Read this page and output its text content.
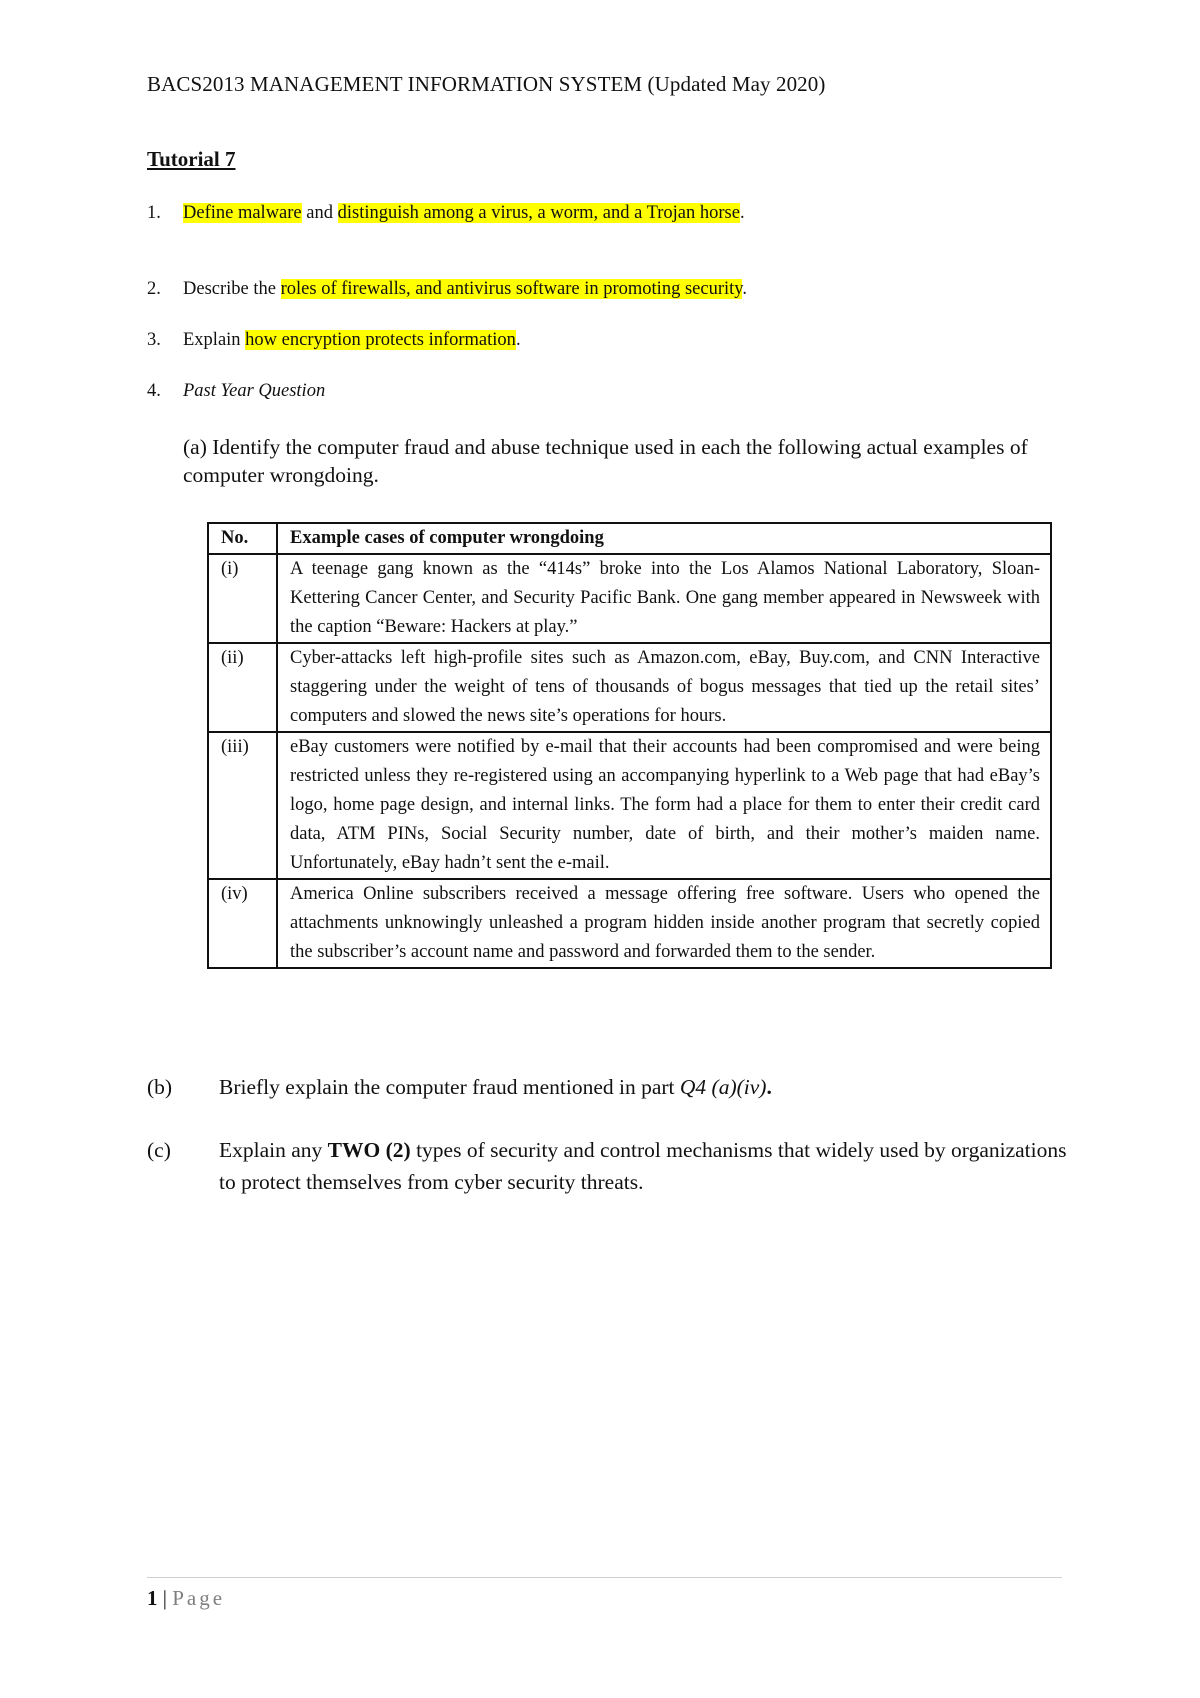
BACS2013 MANAGEMENT INFORMATION SYSTEM (Updated May 2020)
Tutorial 7
1. Define malware and distinguish among a virus, a worm, and a Trojan horse.
2. Describe the roles of firewalls, and antivirus software in promoting security.
3. Explain how encryption protects information.
4. Past Year Question
(a) Identify the computer fraud and abuse technique used in each the following actual examples of computer wrongdoing.
No.	Example cases of computer wrongdoing
(i)	A teenage gang known as the “414s” broke into the Los Alamos National Laboratory, Sloan-Kettering Cancer Center, and Security Pacific Bank. One gang member appeared in Newsweek with the caption “Beware: Hackers at play.”
(ii)	Cyber-attacks left high-profile sites such as Amazon.com, eBay, Buy.com, and CNN Interactive staggering under the weight of tens of thousands of bogus messages that tied up the retail sites’ computers and slowed the news site’s operations for hours.
(iii)	eBay customers were notified by e-mail that their accounts had been compromised and were being restricted unless they re-registered using an accompanying hyperlink to a Web page that had eBay’s logo, home page design, and internal links. The form had a place for them to enter their credit card data, ATM PINs, Social Security number, date of birth, and their mother’s maiden name. Unfortunately, eBay hadn’t sent the e-mail.
(iv)	America Online subscribers received a message offering free software. Users who opened the attachments unknowingly unleashed a program hidden inside another program that secretly copied the subscriber’s account name and password and forwarded them to the sender.
(b) Briefly explain the computer fraud mentioned in part Q4 (a)(iv).
(c) Explain any TWO (2) types of security and control mechanisms that widely used by organizations to protect themselves from cyber security threats.
1 | Page
